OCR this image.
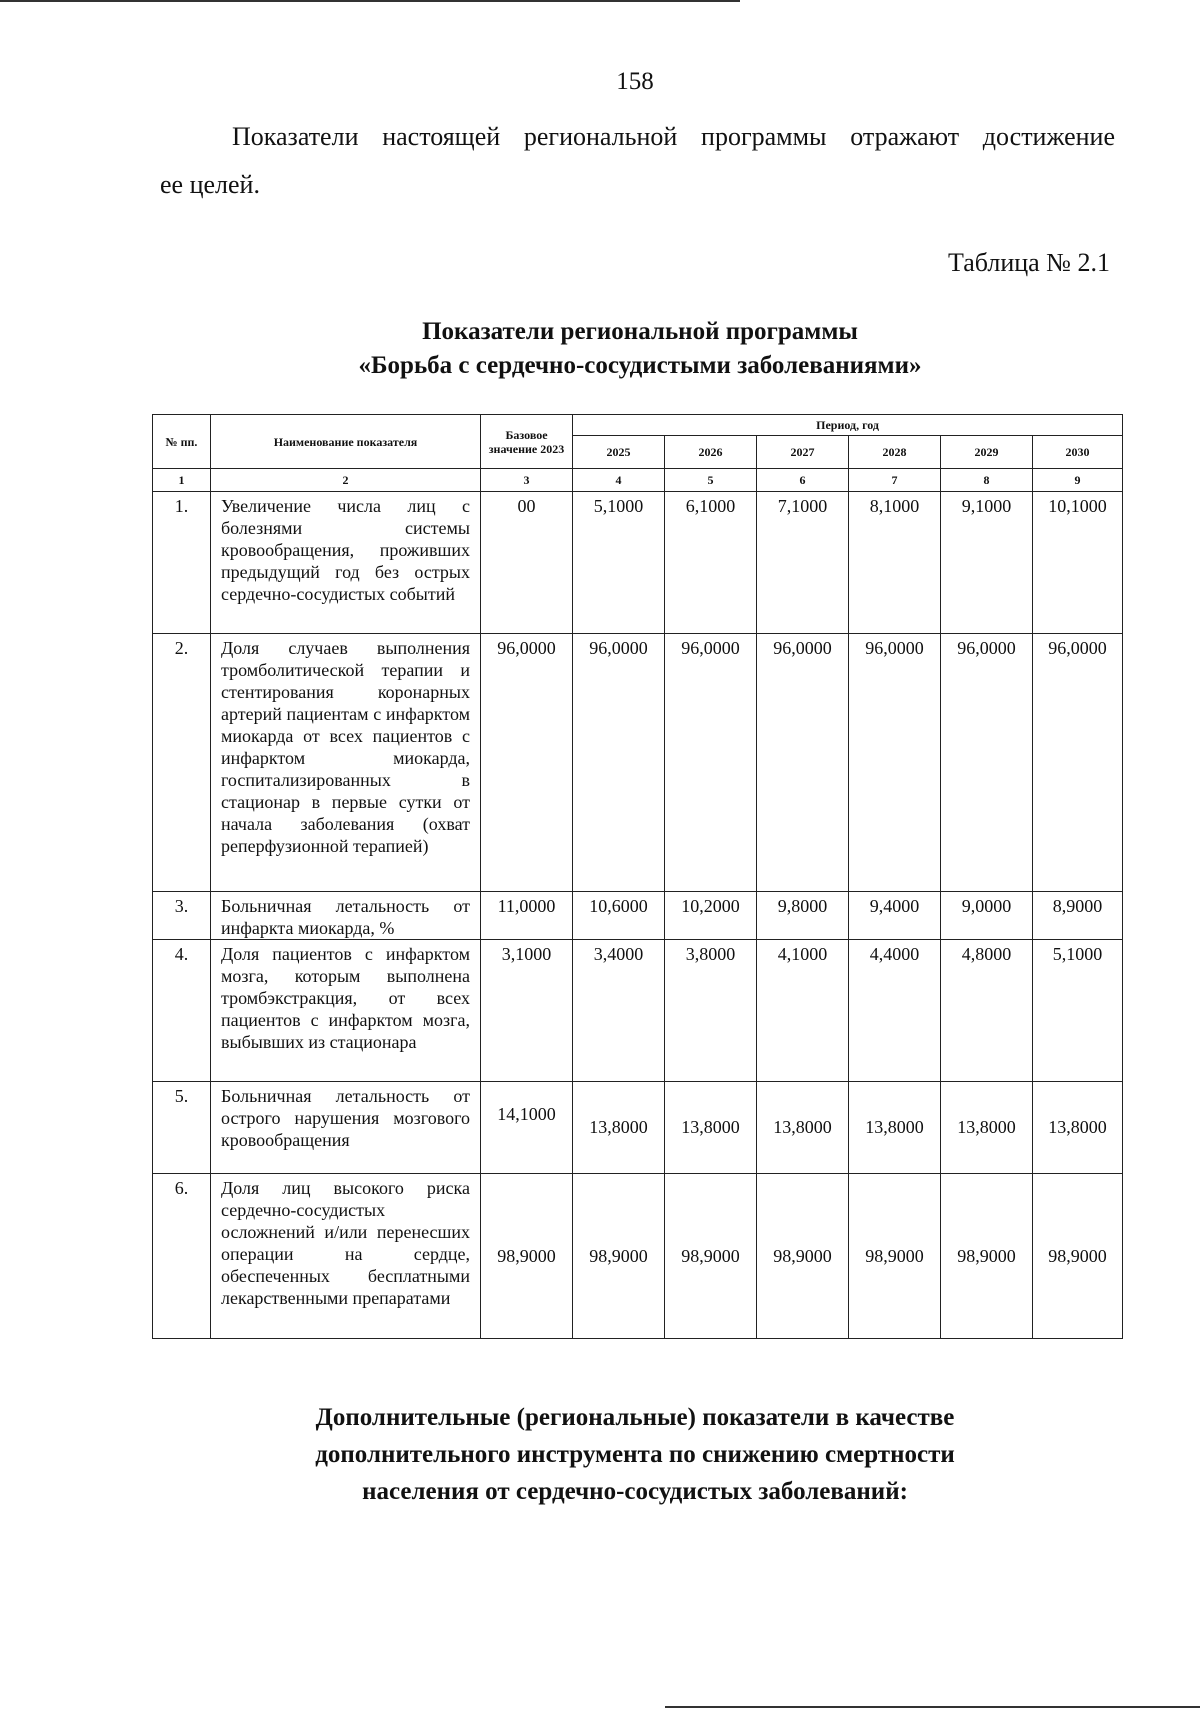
158
Показатели настоящей региональной программы отражают достижение
ее целей.
Таблица № 2.1
Показатели региональной программы
«Борьба с сердечно-сосудистыми заболеваниями»
№ пп.	Наименование показателя	Базовое значение 2023	Период, год					
			2025	2026	2027	2028	2029	2030
1	2	3	4	5	6	7	8	9
1.	Увеличение числа лиц с болезнями системы кровообращения, проживших предыдущий год без острых сердечно-сосудистых событий	00	5,1000	6,1000	7,1000	8,1000	9,1000	10,1000
2.	Доля случаев выполнения тромболитической терапии и стентирования коронарных артерий пациентам с инфарктом миокарда от всех пациентов с инфарктом миокарда, госпитализированных в стационар в первые сутки от начала заболевания (охват реперфузионной терапией)	96,0000	96,0000	96,0000	96,0000	96,0000	96,0000	96,0000
3.	Больничная летальность от инфаркта миокарда, %	11,0000	10,6000	10,2000	9,8000	9,4000	9,0000	8,9000
4.	Доля пациентов с инфарктом мозга, которым выполнена тромбэкстракция, от всех пациентов с инфарктом мозга, выбывших из стационара	3,1000	3,4000	3,8000	4,1000	4,4000	4,8000	5,1000
5.	Больничная летальность от острого нарушения мозгового кровообращения	14,1000	13,8000	13,8000	13,8000	13,8000	13,8000	13,8000
6.	Доля лиц высокого риска сердечно-сосудистых осложнений и/или перенесших операции на сердце, обеспеченных бесплатными лекарственными препаратами	98,9000	98,9000	98,9000	98,9000	98,9000	98,9000	98,9000
Дополнительные (региональные) показатели в качестве
дополнительного инструмента по снижению смертности
населения от сердечно-сосудистых заболеваний:
